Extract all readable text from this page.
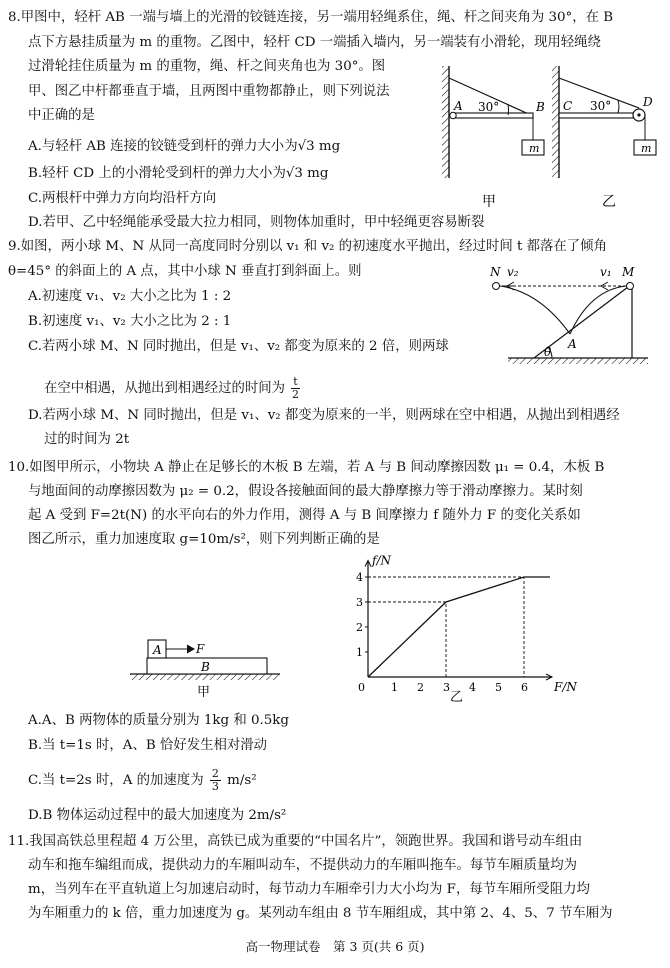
8.甲图中，轻杆 AB 一端与墙上的光滑的铰链连接，另一端用轻绳系住，绳、杆之间夹角为 30°，在 B
点下方悬挂质量为 m 的重物。乙图中，轻杆 CD 一端插入墙内，另一端装有小滑轮，现用轻绳绕
过滑轮挂住质量为 m 的重物，绳、杆之间夹角也为 30°。图
甲、图乙中杆都垂直于墙，且两图中重物都静止，则下列说法
中正确的是
A.与轻杆 AB 连接的铰链受到杆的弹力大小为√3 mg
B.轻杆 CD 上的小滑轮受到杆的弹力大小为√3 mg
C.两根杆中弹力方向均沿杆方向
D.若甲、乙中轻绳能承受最大拉力相同，则物体加重时，甲中轻绳更容易断裂
m
A	B
30°
甲
m
C	D
30°
乙
9.如图，两小球 M、N 从同一高度同时分别以 v₁ 和 v₂ 的初速度水平抛出，经过时间 t 都落在了倾角
θ=45° 的斜面上的 A 点，其中小球 N 垂直打到斜面上。则
A.初速度 v₁、v₂ 大小之比为 1 : 2
B.初速度 v₁、v₂ 大小之比为 2 : 1
C.若两小球 M、N 同时抛出，但是 v₁、v₂ 都变为原来的 2 倍，则两球
在空中相遇，从抛出到相遇经过的时间为 $\frac{t}{2}$
D.若两小球 M、N 同时抛出，但是 v₁、v₂ 都变为原来的一半，则两球在空中相遇，从抛出到相遇经
过的时间为 2t
N v₂	v₁ M
A
θ
10.如图甲所示，小物块 A 静止在足够长的木板 B 左端，若 A 与 B 间动摩擦因数 μ₁ = 0.4，木板 B
与地面间的动摩擦因数为 μ₂ = 0.2，假设各接触面间的最大静摩擦力等于滑动摩擦力。某时刻
起 A 受到 F=2t(N) 的水平向右的外力作用，测得 A 与 B 间摩擦力 f 随外力 F 的变化关系如
图乙所示，重力加速度取 g=10m/s²，则下列判断正确的是
A	F
B
甲	0 1 2 3 4 5 6
1
2
3
4
f/N
F/N
乙
A.A、B 两物体的质量分别为 1kg 和 0.5kg
B.当 t=1s 时，A、B 恰好发生相对滑动
C.当 t=2s 时，A 的加速度为 $\frac{2}{3} m/s^2$
D.B 物体运动过程中的最大加速度为 2m/s²
11.我国高铁总里程超 4 万公里，高铁已成为重要的“中国名片”，领跑世界。我国和谐号动车组由
动车和拖车编组而成，提供动力的车厢叫动车，不提供动力的车厢叫拖车。每节车厢质量均为
m，当列车在平直轨道上匀加速启动时，每节动力车厢牵引力大小均为 F，每节车厢所受阻力均
为车厢重力的 k 倍，重力加速度为 g。某列动车组由 8 节车厢组成，其中第 2、4、5、7 节车厢为
高一物理试卷　第 3 页(共 6 页)
